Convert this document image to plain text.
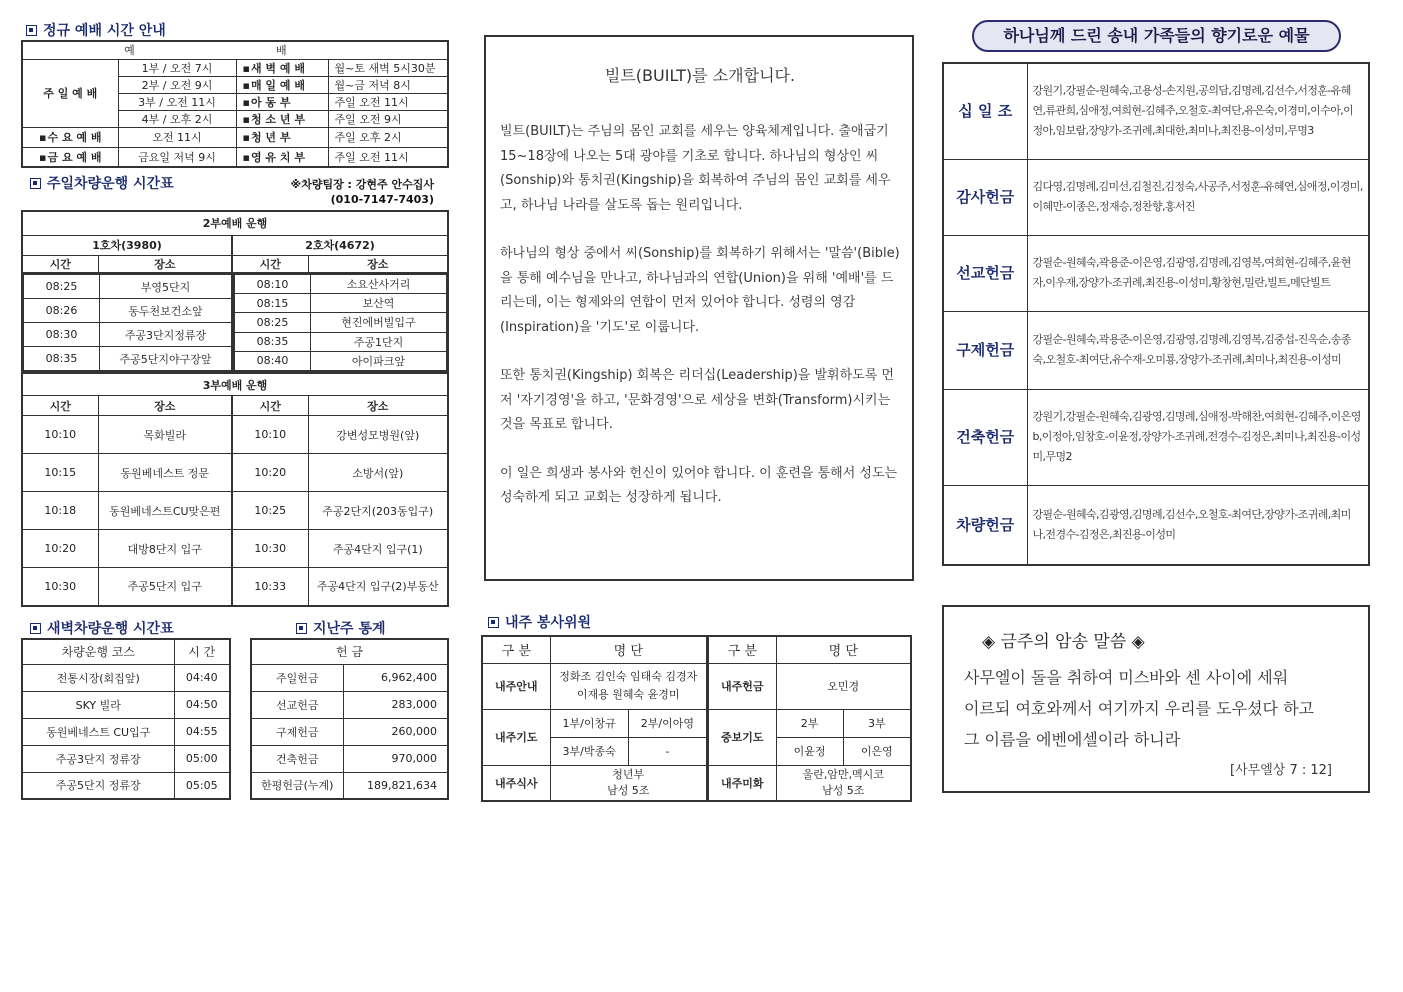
정규 예배 시간 안내
예		배	
주 일 예 배	1부 / 오전 7시	▪ 새 벽 예 배	월~토 새벽 5시30분
	2부 / 오전 9시	▪ 매 일 예 배	월~금 저녁 8시
	3부 / 오전 11시	▪ 아 동 부	주일 오전 11시
	4부 / 오후 2시	▪ 청 소 년 부	주일 오전 9시
▪ 수 요 예 배	오전 11시	▪ 청 년 부	주일 오후 2시
▪ 금 요 예 배	금요일 저녁 9시	▪ 영 유 치 부	주일 오전 11시
주일차량운행 시간표	※차량팀장 : 강현주 안수집사
(010-7147-7403)
2부예배 운행			
1호차(3980)		2호차(4672)	
시간	장소	시간	장소
08:25	부영5단지
08:26	동두천보건소앞
08:30	주공3단지정류장
08:35	주공5단지야구장앞
08:10	소요산사거리
08:15	보산역
08:25	현진에버빌입구
08:35	주공1단지
08:40	아이파크앞
3부예배 운행			
시간	장소	시간	장소
10:10	목화빌라	10:10	강변성모병원(앞)
10:15	동원베네스트 정문	10:20	소방서(앞)
10:18	동원베네스트CU맞은편	10:25	주공2단지(203동입구)
10:20	대방8단지 입구	10:30	주공4단지 입구(1)
10:30	주공5단지 입구	10:33	주공4단지 입구(2)부동산
새벽차량운행 시간표
차량운행 코스	시 간
전통시장(회집앞)	04:40
SKY 빌라	04:50
동원베네스트 CU입구	04:55
주공3단지 정류장	05:00
주공5단지 정류장	05:05
지난주 통계
헌 금	
주일헌금	6,962,400
선교헌금	283,000
구제헌금	260,000
건축헌금	970,000
한평헌금(누계)	189,821,634
빌트(BUILT)를 소개합니다.

빌트(BUILT)는 주님의 몸인 교회를 세우는 양육체계입니다. 출애굽기 15~18장에 나오는 5대 광야를 기초로 합니다. 하나님의 형상인 씨(Sonship)와 통치권(Kingship)을 회복하여 주님의 몸인 교회를 세우고, 하나님 나라를 살도록 돕는 원리입니다.

하나님의 형상 중에서 씨(Sonship)를 회복하기 위해서는 '말씀'(Bible)을 통해 예수님을 만나고, 하나님과의 연합(Union)을 위해 '예배'를 드리는데, 이는 형제와의 연합이 먼저 있어야 합니다. 성령의 영감(Inspiration)을 '기도'로 이룹니다.

또한 통치권(Kingship) 회복은 리더십(Leadership)을 발휘하도록 먼저 '자기경영'을 하고, '문화경영'으로 세상을 변화(Transform)시키는 것을 목표로 합니다.

이 일은 희생과 봉사와 헌신이 있어야 합니다. 이 훈련을 통해서 성도는 성숙하게 되고 교회는 성장하게 됩니다.

내주 봉사위원
구 분	명 단	
내주안내	정화조 김인숙 임태숙 김경자
이재용 원혜숙 윤경미	

내주기도	1부/이창규	2부/이아영
	3부/박종숙	-
내주식사	청년부
남성 5조	
구 분	명 단	
내주헌금	오민경	
중보기도	2부	3부
	이윤정	이은영
내주미화	울란,암만,멕시코
남성 5조	
하나님께 드린 송내 가족들의 향기로운 예물
십 일 조	강원기,강필순-원혜숙,고용성-손지원,공의담,김명례,김선수,서정훈-유혜연,류관희,심애정,여희현-김혜주,오철호-최여단,유은숙,이경미,이수아,이정아,임보람,장양가-조귀례,최대한,최미나,최진용-이성미,무명3
감사헌금	김다영,김명례,김미선,김철진,김정숙,사공주,서정훈-유혜연,심애정,이경미,이혜만-이종은,정재승,정찬향,홍서진
선교헌금	강필순-원혜숙,곽용준-이은영,김광영,김명례,김영복,여희현-김혜주,윤현자,이우재,장양가-조귀례,최진용-이성미,황창현,밀란,빌트,메단빌트
구제헌금	강필순-원혜숙,곽용준-이은영,김광영,김명례,김영복,김중섭-진옥순,송종숙,오철호-최여단,유수재-오미룡,장양가-조귀례,최미나,최진용-이성미
건축헌금	강원기,강필순-원혜숙,김광영,김명례,심애정-박해찬,여희현-김혜주,이은영b,이정아,임창호-이윤정,장양가-조귀례,전경수-김정은,최미나,최진용-이성미,무명2
차량헌금	강필순-원혜숙,김광영,김명례,김선수,오철호-최여단,장양가-조귀례,최미나,전경수-김정은,최진용-이성미
◈ 금주의 암송 말씀 ◈
사무엘이 돌을 취하여 미스바와 센 사이에 세워
이르되 여호와께서 여기까지 우리를 도우셨다 하고
그 이름을 에벤에셀이라 하니라
[사무엘상 7 : 12]
